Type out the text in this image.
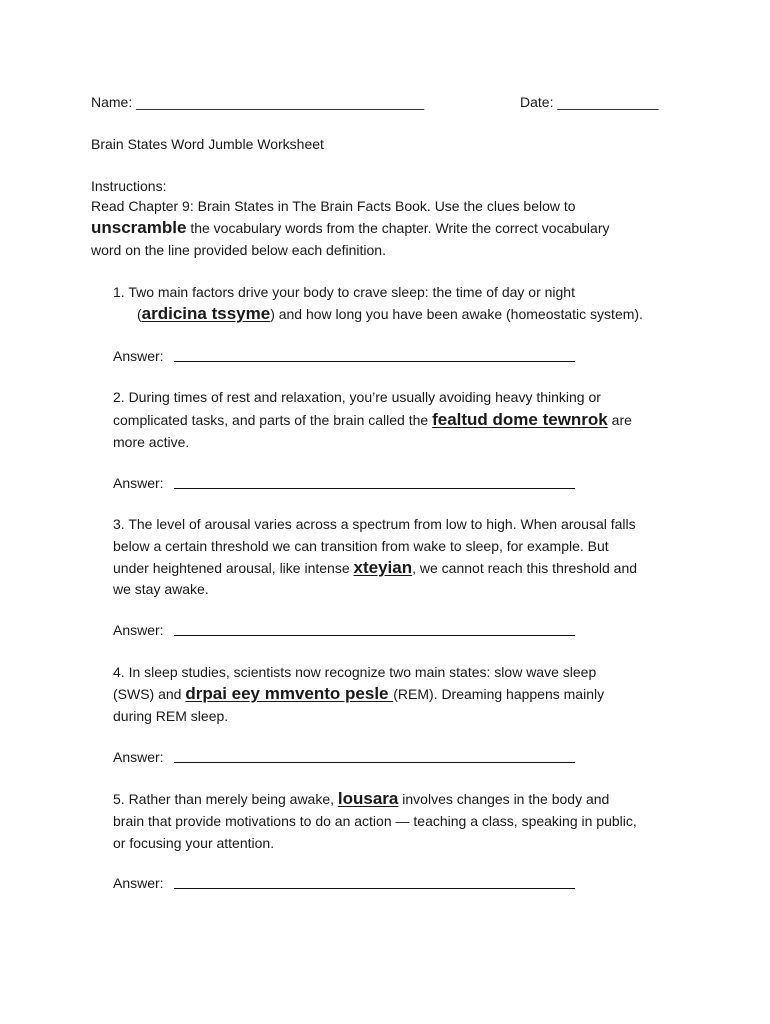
Name: _____________________________________	Date: _____________
Brain States Word Jumble Worksheet
Instructions:
Read Chapter 9: Brain States in The Brain Facts Book. Use the clues below to
unscramble the vocabulary words from the chapter. Write the correct vocabulary
word on the line provided below each definition.
1. Two main factors drive your body to crave sleep: the time of day or night
(ardicina tssyme) and how long you have been awake (homeostatic system).
Answer:
2. During times of rest and relaxation, you’re usually avoiding heavy thinking or
complicated tasks, and parts of the brain called the fealtud dome tewnrok are
more active.
Answer:
3. The level of arousal varies across a spectrum from low to high. When arousal falls
below a certain threshold we can transition from wake to sleep, for example. But
under heightened arousal, like intense xteyian, we cannot reach this threshold and
we stay awake.
Answer:
4. In sleep studies, scientists now recognize two main states: slow wave sleep
(SWS) and drpai eey mmvento pesle (REM). Dreaming happens mainly
during REM sleep.
Answer:
5. Rather than merely being awake, lousara involves changes in the body and
brain that provide motivations to do an action — teaching a class, speaking in public,
or focusing your attention.
Answer:
